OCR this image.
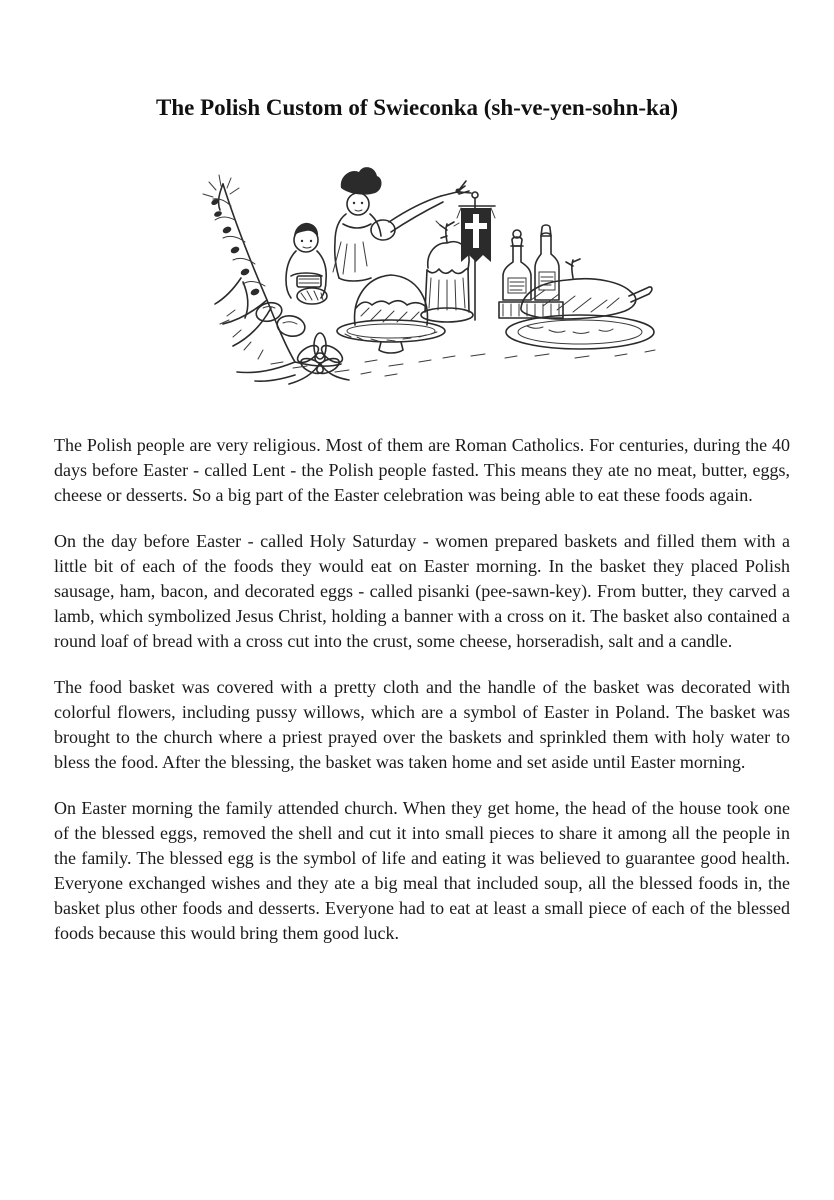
The Polish Custom of Swieconka (sh-ve-yen-sohn-ka)

The Polish people are very religious. Most of them are Roman Catholics. For centuries, during the 40 days before Easter - called Lent - the Polish people fasted. This means they ate no meat, butter, eggs, cheese or desserts. So a big part of the Easter celebration was being able to eat these foods again.

On the day before Easter - called Holy Saturday - women prepared baskets and filled them with a little bit of each of the foods they would eat on Easter morning. In the basket they placed Polish sausage, ham, bacon, and decorated eggs - called pisanki (pee-sawn-key). From butter, they carved a lamb, which symbolized Jesus Christ, holding a banner with a cross on it. The basket also contained a round loaf of bread with a cross cut into the crust, some cheese, horseradish, salt and a candle.

The food basket was covered with a pretty cloth and the handle of the basket was decorated with colorful flowers, including pussy willows, which are a symbol of Easter in Poland. The basket was brought to the church where a priest prayed over the baskets and sprinkled them with holy water to bless the food. After the blessing, the basket was taken home and set aside until Easter morning.

On Easter morning the family attended church. When they get home, the head of the house took one of the blessed eggs, removed the shell and cut it into small pieces to share it among all the people in the family. The blessed egg is the symbol of life and eating it was believed to guarantee good health. Everyone exchanged wishes and they ate a big meal that included soup, all the blessed foods in, the basket plus other foods and desserts. Everyone had to eat at least a small piece of each of the blessed foods because this would bring them good luck.
